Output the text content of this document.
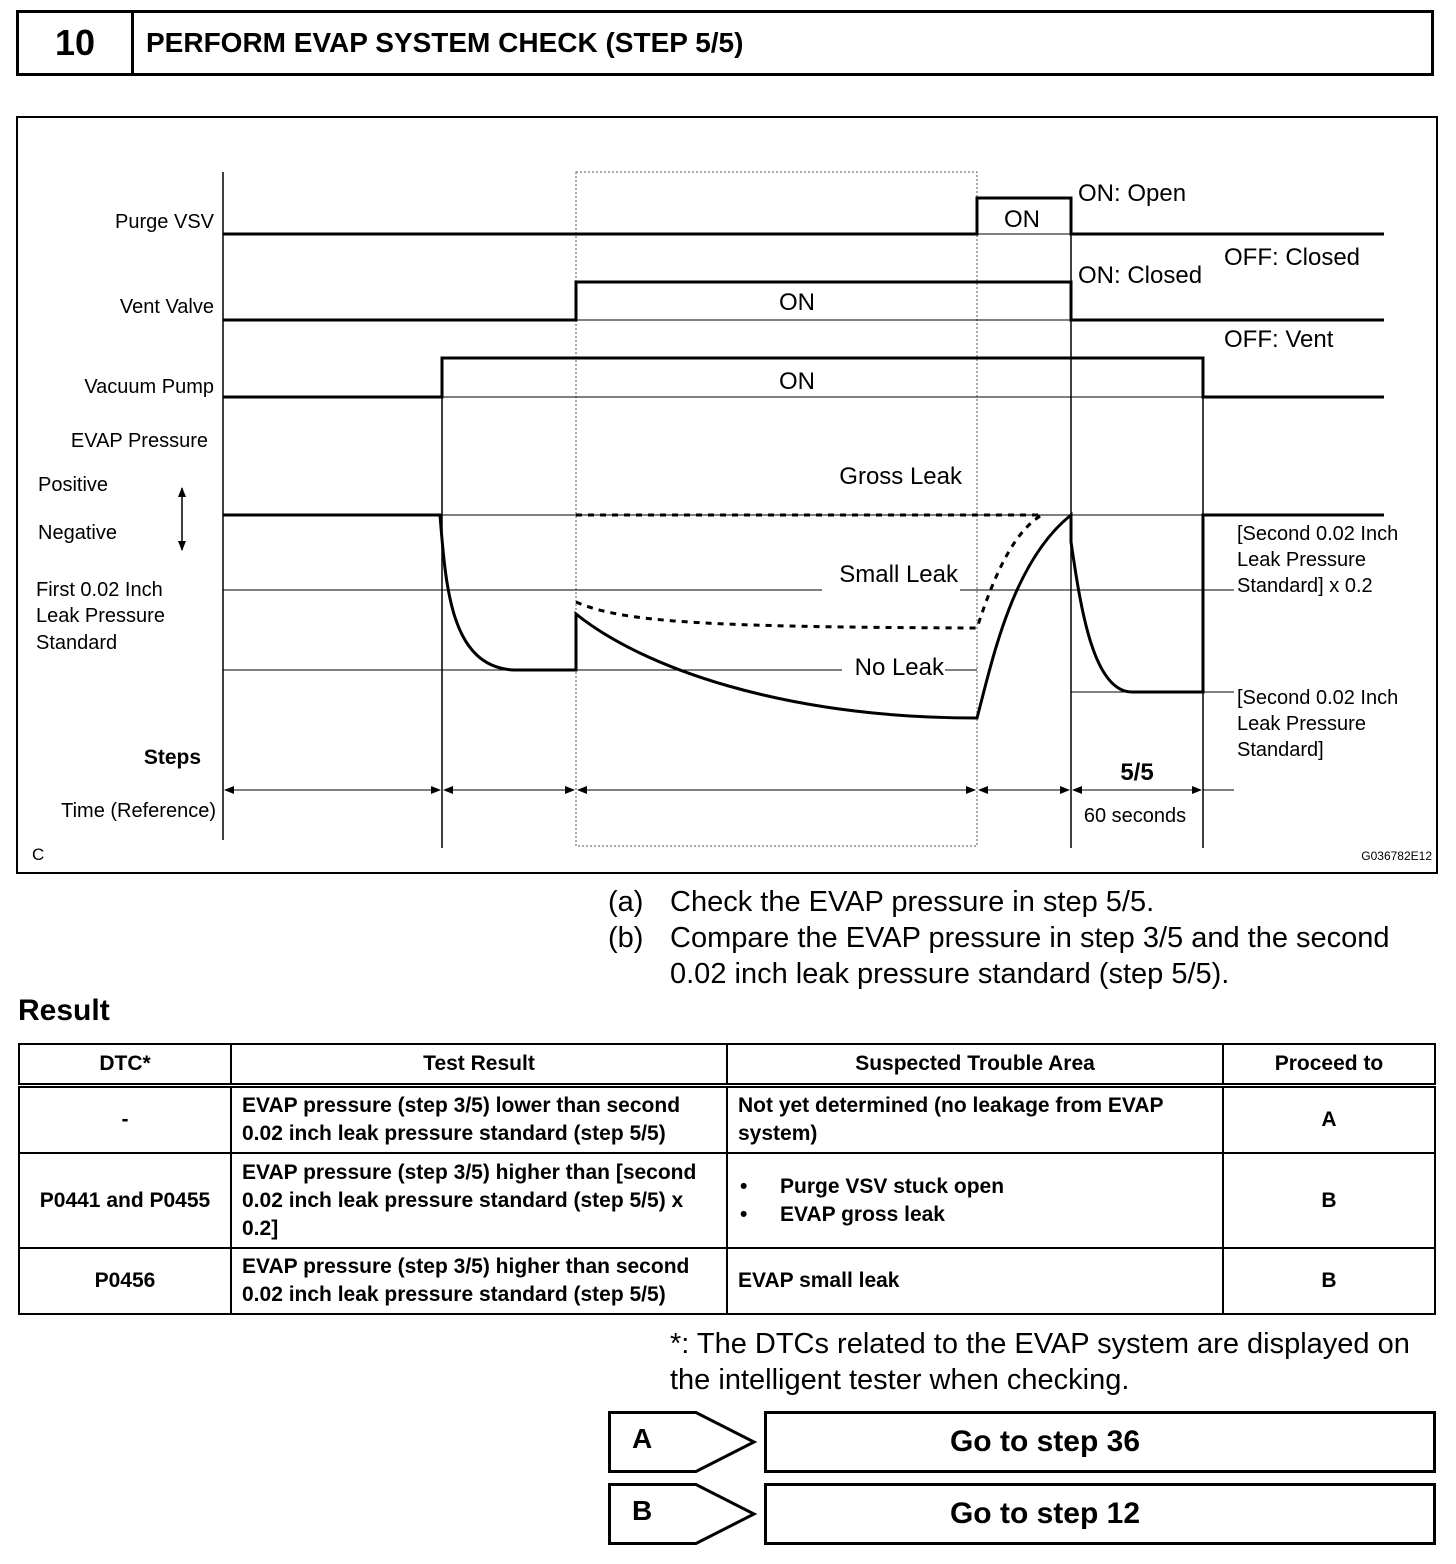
10	PERFORM EVAP SYSTEM CHECK (STEP 5/5)
Purge VSV
Vent Valve
Vacuum Pump
EVAP Pressure
Positive
Negative
First 0.02 Inch
Leak Pressure
Standard
Steps
Time (Reference)
C	G036782E12
ON
ON: Open
OFF: Closed
ON
ON: Closed
OFF: Vent
ON
Gross Leak
Small Leak
No Leak
[Second 0.02 Inch
Leak Pressure
Standard] x 0.2
[Second 0.02 Inch
Leak Pressure
Standard]
5/5
60 seconds
(a) Check the EVAP pressure in step 5/5.
(b) Compare the EVAP pressure in step 3/5 and the second 0.02 inch leak pressure standard (step 5/5).
Result
DTC*	Test Result	Suspected Trouble Area	Proceed to
-	EVAP pressure (step 3/5) lower than second 0.02 inch leak pressure standard (step 5/5)	Not yet determined (no leakage from EVAP system)	A
P0441 and P0455	EVAP pressure (step 3/5) higher than [second 0.02 inch leak pressure standard (step 5/5) x 0.2]	• Purge VSV stuck open
• EVAP gross leak	B
P0456	EVAP pressure (step 3/5) higher than second 0.02 inch leak pressure standard (step 5/5)	EVAP small leak	B
*: The DTCs related to the EVAP system are displayed on the intelligent tester when checking.
A	Go to step 36
B	Go to step 12
